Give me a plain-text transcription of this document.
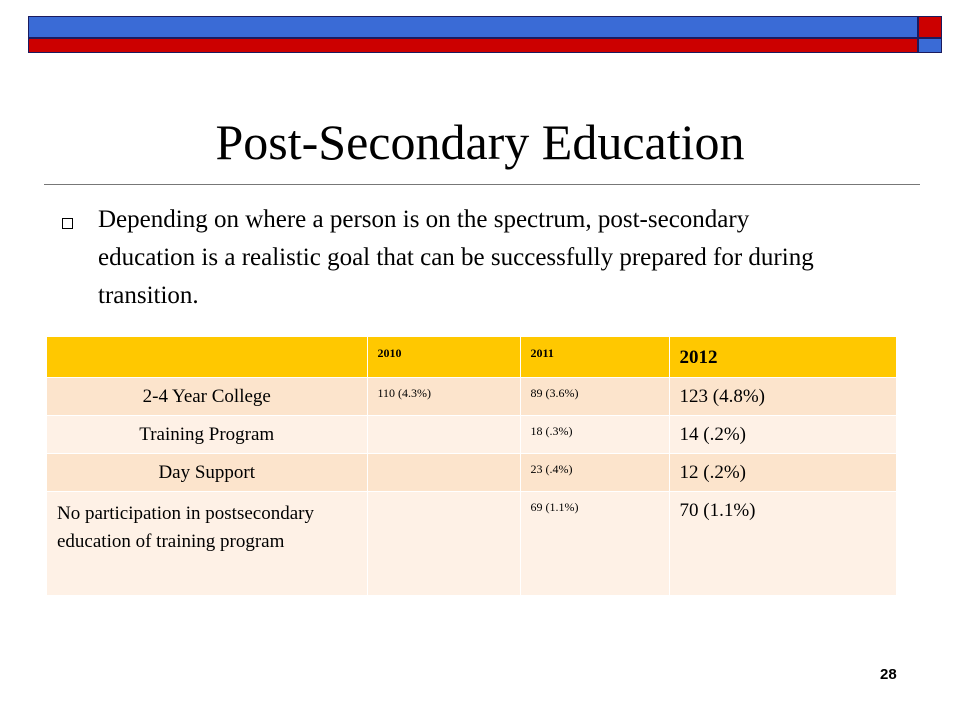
Post-Secondary Education
Depending on where a person is on the spectrum, post-secondary education is a realistic goal that can be successfully prepared for during transition.
	2010	2011	2012
2-4 Year College	110 (4.3%)	89 (3.6%)	123 (4.8%)
Training Program		18 (.3%)	14 (.2%)
Day Support		23 (.4%)	12 (.2%)
No participation in postsecondary education of training program		69 (1.1%)	70 (1.1%)
28
